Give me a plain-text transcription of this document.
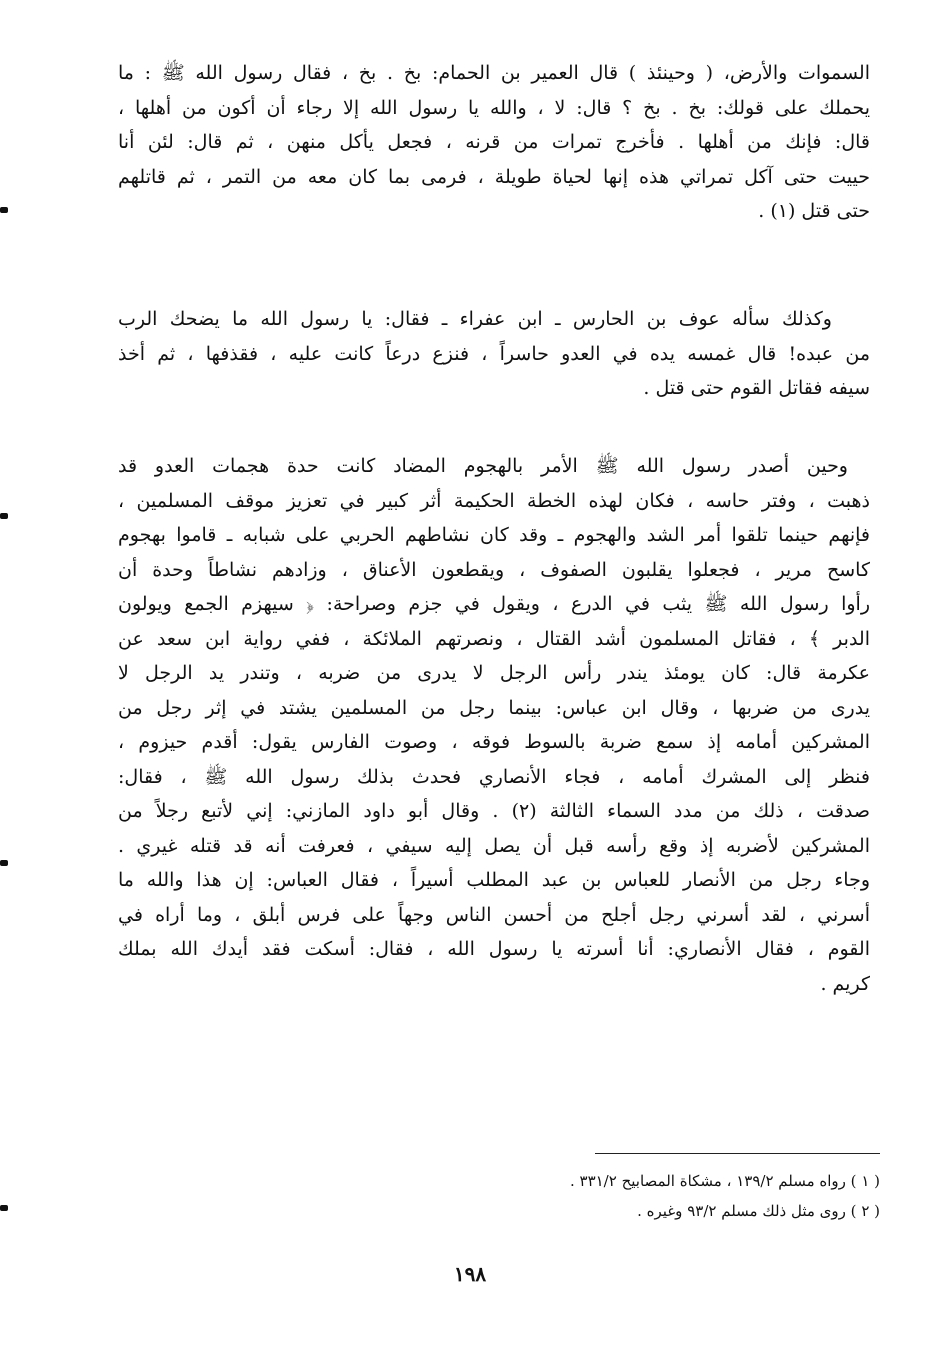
السموات والأرض، ( وحينئذ ) قال العمير بن الحمام: بخ . بخ ، فقال رسول الله ﷺ : ما
يحملك على قولك: بخ . بخ ؟ قال: لا ، والله يا رسول الله إلا رجاء أن أكون من أهلها ،
قال: فإنك من أهلها . فأخرج تمرات من قرنه ، فجعل يأكل منهن ، ثم قال: لئن أنا
حييت حتى آكل تمراتي هذه إنها لحياة طويلة ، فرمى بما كان معه من التمر ، ثم قاتلهم
حتى قتل (١) .
وكذلك سأله عوف بن الحارس ـ ابن عفراء ـ فقال: يا رسول الله ما يضحك الرب
من عبده! قال غمسه يده في العدو حاسراً ، فنزع درعاً كانت عليه ، فقذفها ، ثم أخذ
سيفه فقاتل القوم حتى قتل .
وحين أصدر رسول الله ﷺ الأمر بالهجوم المضاد كانت حدة هجمات العدو قد
ذهبت ، وفتر حاسه ، فكان لهذه الخطة الحكيمة أثر كبير في تعزيز موقف المسلمين ،
فإنهم حينما تلقوا أمر الشد والهجوم ـ وقد كان نشاطهم الحربي على شبابه ـ قاموا بهجوم
كاسح مرير ، فجعلوا يقلبون الصفوف ، ويقطعون الأعناق ، وزادهم نشاطاً وحدة أن
رأوا رسول الله ﷺ يثب في الدرع ، ويقول في جزم وصراحة: ﴿ سيهزم الجمع ويولون
الدبر ﴾ ، فقاتل المسلمون أشد القتال ، ونصرتهم الملائكة ، ففي رواية ابن سعد عن
عكرمة قال: كان يومئذ يندر رأس الرجل لا يدرى من ضربه ، وتندر يد الرجل لا
يدرى من ضربها ، وقال ابن عباس: بينما رجل من المسلمين يشتد في إثر رجل من
المشركين أمامه إذ سمع ضربة بالسوط فوقه ، وصوت الفارس يقول: أقدم حيزوم ،
فنظر إلى المشرك أمامه ، فجاء الأنصاري فحدث بذلك رسول الله ﷺ ، فقال:
صدقت ، ذلك من مدد السماء الثالثة (٢) . وقال أبو داود المازني: إني لأتبع رجلاً من
المشركين لأضربه إذ وقع رأسه قبل أن يصل إليه سيفي ، فعرفت أنه قد قتله غيري .
وجاء رجل من الأنصار للعباس بن عبد المطلب أسيراً ، فقال العباس: إن هذا والله ما
أسرني ، لقد أسرني رجل أجلح من أحسن الناس وجهاً على فرس أبلق ، وما أراه في
القوم ، فقال الأنصاري: أنا أسرته يا رسول الله ، فقال: أسكت فقد أيدك الله بملك
كريم .
( ١ ) رواه مسلم ١٣٩/٢ ، مشكاة المصابيح ٣٣١/٢ .
( ٢ ) روى مثل ذلك مسلم ٩٣/٢ وغيره .
١٩٨
